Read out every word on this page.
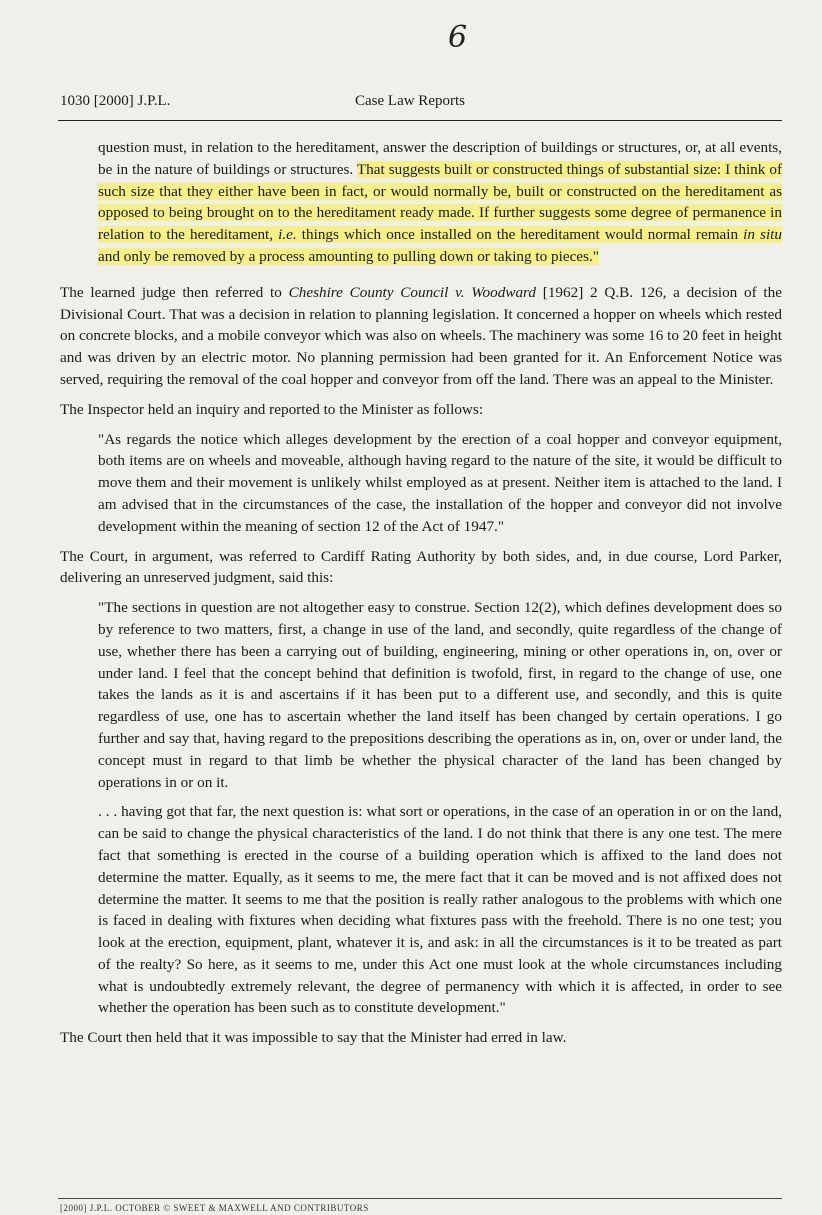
6
1030 [2000] J.P.L.	Case Law Reports

question must, in relation to the hereditament, answer the description of buildings or structures, or, at all events, be in the nature of buildings or structures. That suggests built or constructed things of substantial size: I think of such size that they either have been in fact, or would normally be, built or constructed on the hereditament as opposed to being brought on to the hereditament ready made. If further suggests some degree of permanence in relation to the hereditament, i.e. things which once installed on the hereditament would normal remain in situ and only be removed by a process amounting to pulling down or taking to pieces."

The learned judge then referred to Cheshire County Council v. Woodward [1962] 2 Q.B. 126, a decision of the Divisional Court. That was a decision in relation to planning legislation. It concerned a hopper on wheels which rested on concrete blocks, and a mobile conveyor which was also on wheels. The machinery was some 16 to 20 feet in height and was driven by an electric motor. No planning permission had been granted for it. An Enforcement Notice was served, requiring the removal of the coal hopper and conveyor from off the land. There was an appeal to the Minister.

The Inspector held an inquiry and reported to the Minister as follows:

"As regards the notice which alleges development by the erection of a coal hopper and conveyor equipment, both items are on wheels and moveable, although having regard to the nature of the site, it would be difficult to move them and their movement is unlikely whilst employed as at present. Neither item is attached to the land. I am advised that in the circumstances of the case, the installation of the hopper and conveyor did not involve development within the meaning of section 12 of the Act of 1947."

The Court, in argument, was referred to Cardiff Rating Authority by both sides, and, in due course, Lord Parker, delivering an unreserved judgment, said this:

"The sections in question are not altogether easy to construe. Section 12(2), which defines development does so by reference to two matters, first, a change in use of the land, and secondly, quite regardless of the change of use, whether there has been a carrying out of building, engineering, mining or other operations in, on, over or under land. I feel that the concept behind that definition is twofold, first, in regard to the change of use, one takes the lands as it is and ascertains if it has been put to a different use, and secondly, and this is quite regardless of use, one has to ascertain whether the land itself has been changed by certain operations. I go further and say that, having regard to the prepositions describing the operations as in, on, over or under land, the concept must in regard to that limb be whether the physical character of the land has been changed by operations in or on it.

. . . having got that far, the next question is: what sort or operations, in the case of an operation in or on the land, can be said to change the physical characteristics of the land. I do not think that there is any one test. The mere fact that something is erected in the course of a building operation which is affixed to the land does not determine the matter. Equally, as it seems to me, the mere fact that it can be moved and is not affixed does not determine the matter. It seems to me that the position is really rather analogous to the problems with which one is faced in dealing with fixtures when deciding what fixtures pass with the freehold. There is no one test; you look at the erection, equipment, plant, whatever it is, and ask: in all the circumstances is it to be treated as part of the realty? So here, as it seems to me, under this Act one must look at the whole circumstances including what is undoubtedly extremely relevant, the degree of permanency with which it is affected, in order to see whether the operation has been such as to constitute development."

The Court then held that it was impossible to say that the Minister had erred in law.

[2000] J.P.L. OCTOBER © SWEET & MAXWELL AND CONTRIBUTORS
